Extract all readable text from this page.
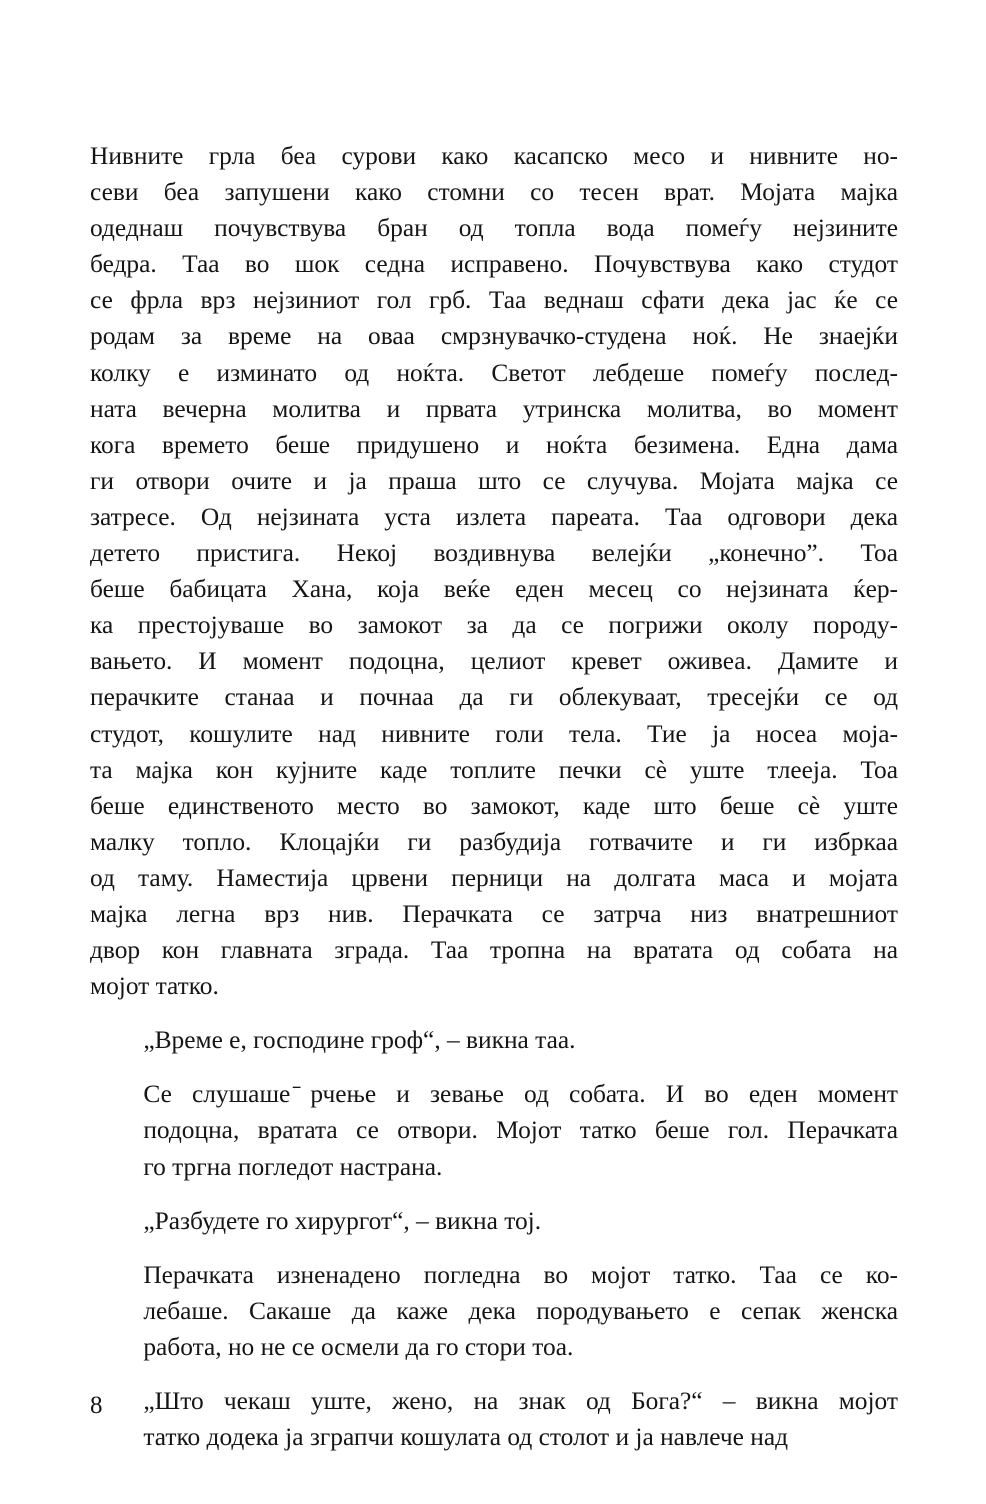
Нивните грла беа сурови како касапско месо и нивните но-
севи беа запушени како стомни со тесен врат. Мојата мајка
одеднаш почувствува бран од топла вода помеѓу нејзините
бедра. Таа во шок седна исправено. Почувствува како студот
се фрла врз нејзиниот гол грб. Таа веднаш сфати дека јас ќе се
родам за време на оваа смрзнувачко-студена ноќ. Не знаејќи
колку е изминато од ноќта. Светот лебдеше помеѓу послед-
ната вечерна молитва и првата утринска молитва, во момент
кога времето беше придушено и ноќта безимена. Една дама
ги отвори очите и ја праша што се случува. Мојата мајка се
затресе. Од нејзината уста излета пареата. Таа одговори дека
детето пристига. Некој воздивнува велејќи „конечно”. Тоа
беше бабицата Хана, која веќе еден месец со нејзината ќер-
ка престојуваше во замокот за да се погрижи околу породу-
вањето. И момент подоцна, целиот кревет оживеа. Дамите и
перачките станаа и почнаа да ги облекуваат, тресејќи се од
студот, кошулите над нивните голи тела. Тие ја носеа моја-
та мајка кон кујните каде топлите печки сè уште тлееја. Тоа
беше единственото место во замокот, каде што беше сè уште
малку топло. Клоцајќи ги разбудија готвачите и ги избркаа
од таму. Наместија црвени перници на долгата маса и мојата
мајка легна врз нив. Перачката се затрча низ внатрешниот
двор кон главната зграда. Таа тропна на вратата од собата на
мојот татко.

„Време е, господине гроф“, – викна таа.

Се слушаше ̄рчење и зевање од собата. И во еден момент
подоцна, вратата се отвори. Мојот татко беше гол. Перачката
го тргна погледот настрана.

„Разбудете го хирургот“, – викна тој.

Перачката изненадено погледна во мојот татко. Таа се ко-
лебаше. Сакаше да каже дека породувањето е сепак женска
работа, но не се осмели да го стори тоа.

„Што чекаш уште, жено, на знак од Бога?“ – викна мојот
татко додека ја зграпчи кошулата од столот и ја навлече над

8
